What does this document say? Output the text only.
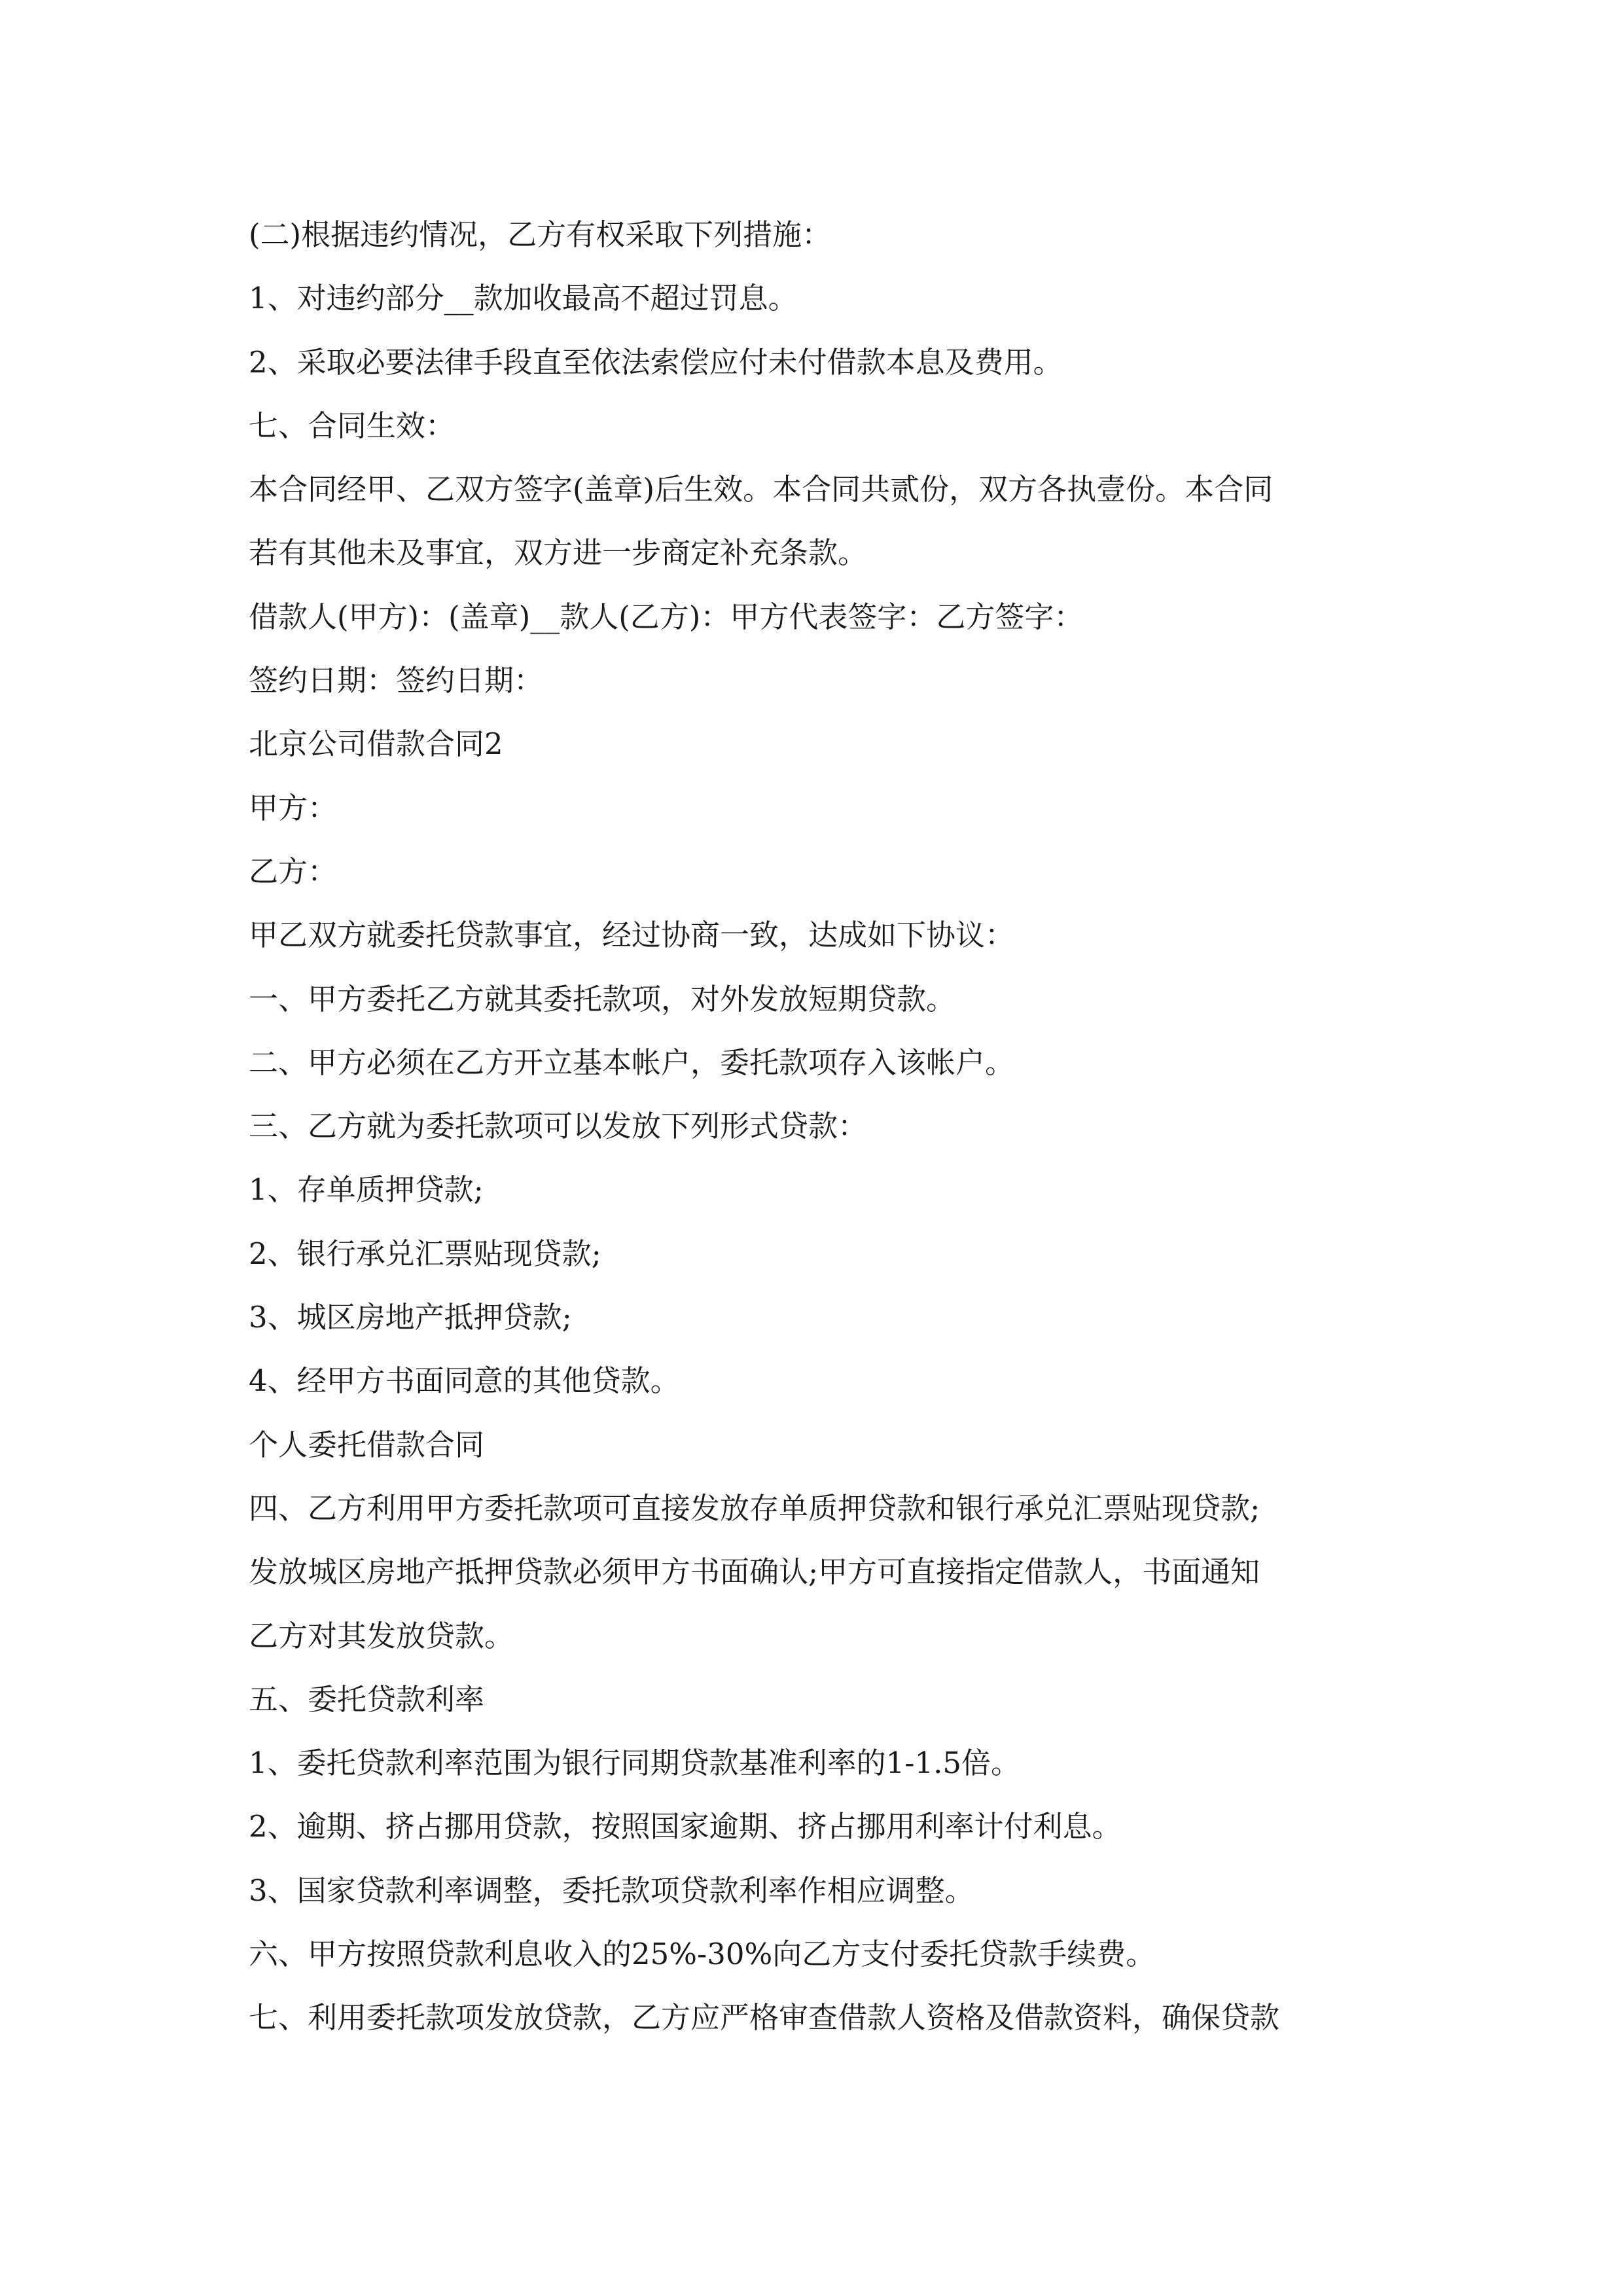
(二)根据违约情况，乙方有权采取下列措施：

1、对违约部分__款加收最高不超过罚息。

2、采取必要法律手段直至依法索偿应付未付借款本息及费用。

七、合同生效：

本合同经甲、乙双方签字(盖章)后生效。本合同共贰份，双方各执壹份。本合同

若有其他未及事宜，双方进一步商定补充条款。

借款人(甲方)：(盖章)__款人(乙方)：甲方代表签字：乙方签字：

签约日期：签约日期：

北京公司借款合同2

甲方：

乙方：

甲乙双方就委托贷款事宜，经过协商一致，达成如下协议：

一、甲方委托乙方就其委托款项，对外发放短期贷款。

二、甲方必须在乙方开立基本帐户，委托款项存入该帐户。

三、乙方就为委托款项可以发放下列形式贷款：

1、存单质押贷款;

2、银行承兑汇票贴现贷款;

3、城区房地产抵押贷款;

4、经甲方书面同意的其他贷款。

个人委托借款合同

四、乙方利用甲方委托款项可直接发放存单质押贷款和银行承兑汇票贴现贷款;

发放城区房地产抵押贷款必须甲方书面确认;甲方可直接指定借款人，书面通知

乙方对其发放贷款。

五、委托贷款利率

1、委托贷款利率范围为银行同期贷款基准利率的1-1.5倍。

2、逾期、挤占挪用贷款，按照国家逾期、挤占挪用利率计付利息。

3、国家贷款利率调整，委托款项贷款利率作相应调整。

六、甲方按照贷款利息收入的25%-30%向乙方支付委托贷款手续费。

七、利用委托款项发放贷款，乙方应严格审查借款人资格及借款资料，确保贷款
